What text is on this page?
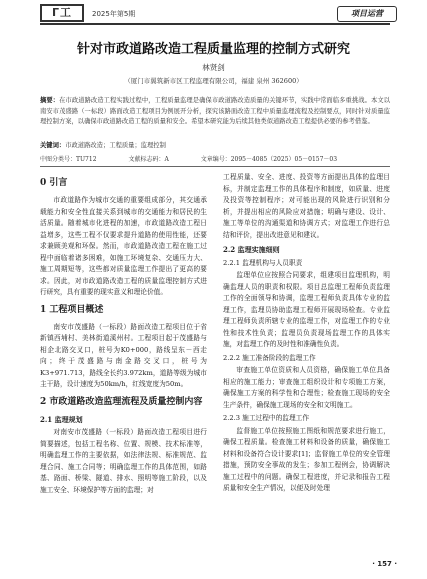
Γ工	2025年第5期	项目运营
针对市政道路改造工程质量监理的控制方式研究
林贤剑
（厦门市翼筑新市区工程监理有限公司，福建 泉州 362600）
摘要：在市政道路改造工程实践过程中，工程质量监理是确保市政道路改造质量的关键环节，实践中常面临多重挑战。本文以南安市茂盛路（一标段）路面改造工程项目为例展开分析，探究该路面改造工程中质量监理流程及控制要点，同时针对质量监理控制方案，以确保市政道路改造工程的质量和安全。希望本研究能为后续其他类似道路改造工程提供必要的参考借鉴。
关键词：市政道路改造；工程质量；监理控制
中图分类号：TU712	文献标志码：A	文章编号：2095－4085（2025）05－0157－03
0 引言
市政道路作为城市交通的重要组成部分，其交通承载能力和安全性直接关系到城市的交通能力和居民的生活质量。随着城市化进程的加速，市政道路改造工程日益增多，这些工程不仅要求提升道路的使用性能，还要求兼顾美观和环保。然而，市政道路改造工程在施工过程中面临着诸多困难，如施工环境复杂、交通压力大、施工周期短等，这些都对质量监理工作提出了更高的要求。因此，对市政道路改造工程的质量监理控制方式进行研究，具有重要的现实意义和理论价值。
1 工程项目概述
南安市茂盛路（一标段）路面改造工程项目位于省新镇西埔村、美林街道溪州村。工程项目起于茂盛路与相企北路交叉口，桩号为K0+000，路线呈东－西走向；终于茂盛路与南金路交叉口，桩号为K3+971.713，路线全长约3.972km，道路等级为城市主干路，设计速度为50km/h，红线宽度为50m。
2 市政道路改造监理流程及质量控制内容
2.1 监理规划
对南安市茂盛路（一标段）路面改造工程项目进行简要描述，包括工程名称、位置、规模、技术标准等，明确监理工作的主要依据，如法律法规、标准规范、监理合同、施工合同等；明确监理工作的具体范围，如路基、路面、桥梁、隧道、排水、照明等施工阶段，以及施工安全、环境保护等方面的监理；对
工程质量、安全、进度、投资等方面提出具体的监理目标，并制定监理工作的具体程序和制度，如质量、进度及投资等控制程序；对可能出现的风险进行识别和分析，并提出相应的风险应对措施；明确与建设、设计、施工等单位的沟通渠道和协调方式；对监理工作进行总结和评价，提出改进意见和建议。
2.2 监理实施细则
2.2.1 监理机构与人员职责
监理单位应按照合同要求，组建项目监理机构，明确监理人员的职责和权限。项目总监理工程师负责监理工作的全面领导和协调，监理工程师负责具体专业的监理工作，监理员协助监理工程师开展现场检查。专业监理工程师负责所辖专业的监理工作，对监理工作的专业性和技术性负责；监理员负责现场监理工作的具体实施，对监理工作的及时性和准确性负责。
2.2.2 施工准备阶段的监理工作
审查施工单位资质和人员资格，确保施工单位具备相应的施工能力；审查施工组织设计和专项施工方案，确保施工方案的科学性和合理性；检查施工现场的安全生产条件，确保施工现场的安全和文明施工。
2.2.3 施工过程中的监理工作
监督施工单位按照施工图纸和规范要求进行施工，确保工程质量。检查施工材料和设备的质量，确保施工材料和设备符合设计要求[1]；监督施工单位的安全管理措施，预防安全事故的发生；参加工程例会，协调解决施工过程中的问题。确保工程进度，并记录和报告工程质量和安全生产情况，以便及时处理
· 157 ·
